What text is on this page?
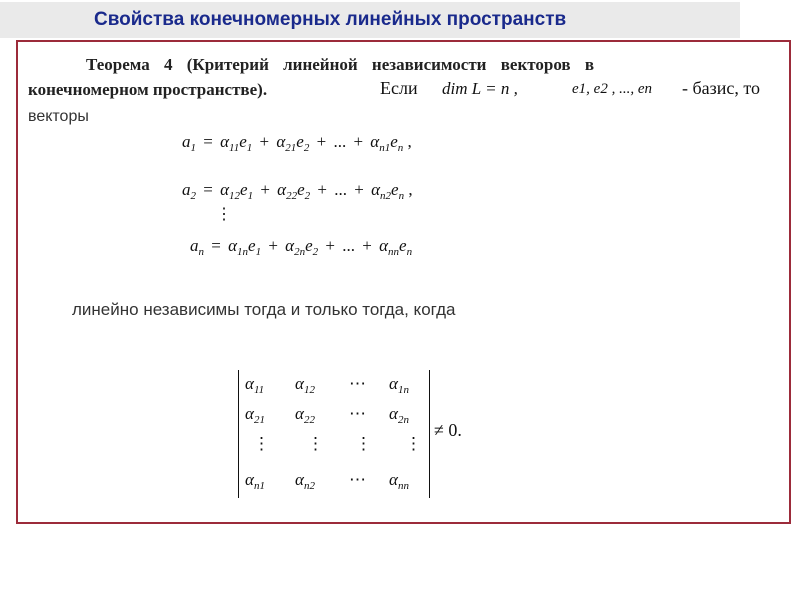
Свойства конечномерных линейных пространств
Теорема 4 (Критерий линейной независимости векторов в
конечномерном пространстве).	Если dim L = n ,	e1, e2 , ..., en - базис, то
векторы
$a_1 = \alpha_{11}e_1 + \alpha_{21}e_2$ + ... + $\alpha_{n1}e_n$ ,
$a_2 = \alpha_{12}e_1 + \alpha_{22}e_2$ + ... + $\alpha_{n2}e_n$ ,
⋮
$a_n = \alpha_{1n}e_1 + \alpha_{2n}e_2$ + ... + $\alpha_{nn}e_n$
линейно независимы тогда и только тогда, когда
$\alpha_{11}$	$\alpha_{12}$	⋯	$\alpha_{1n}$
$\alpha_{21}$	$\alpha_{22}$	⋯	$\alpha_{2n}$
⋮	⋮	⋮	⋮
$\alpha_{n1}$	$\alpha_{n2}$	⋯	$\alpha_{nn}$
≠ 0.
